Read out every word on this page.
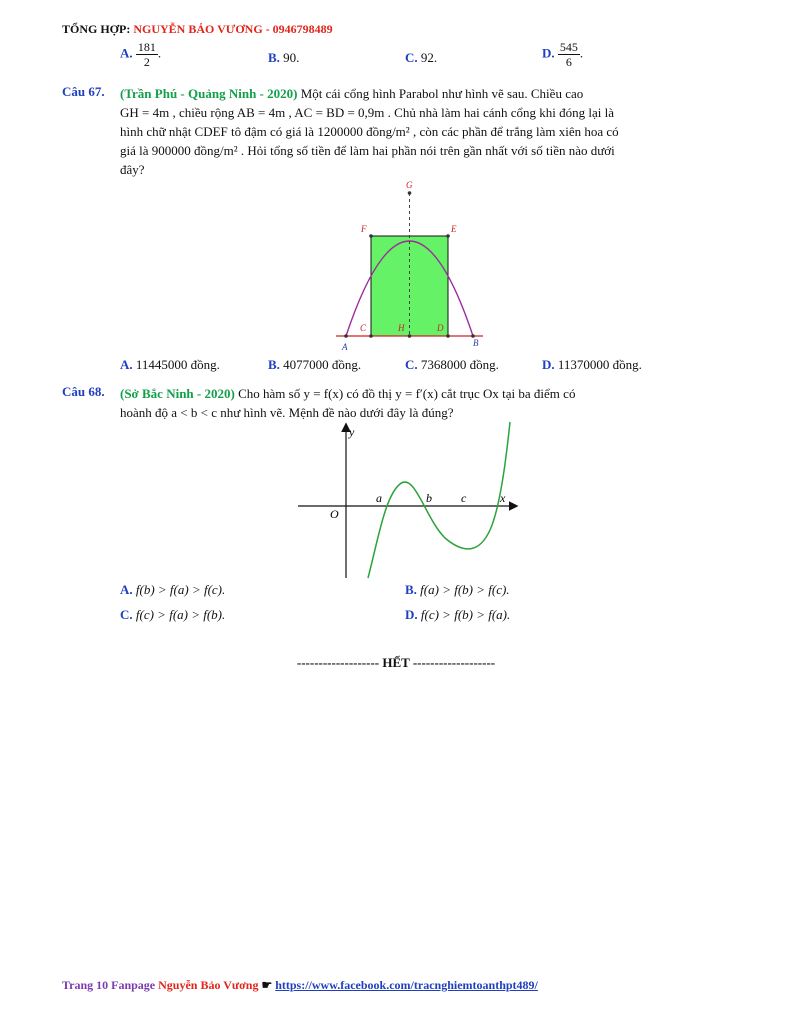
TỔNG HỢP: NGUYỄN BẢO VƯƠNG - 0946798489
A. $\frac{181}{2}$ .	B. 90.	C. 92.	D. $\frac{545}{6}$ .
Câu 67. (Trần Phú - Quảng Ninh - 2020) Một cái cổng hình Parabol như hình vẽ sau. Chiều cao
GH = 4m , chiều rộng AB = 4m , AC = BD = 0,9m . Chủ nhà làm hai cánh cổng khi đóng lại là
hình chữ nhật CDEF tô đậm có giá là 1200000 đồng/m² , còn các phần để trắng làm xiên hoa có
giá là 900000 đồng/m² . Hỏi tổng số tiền để làm hai phần nói trên gần nhất với số tiền nào dưới
đây?
G
F	E
C	H	D
A	B
A. 11445000 đồng.	B. 4077000 đồng.	C. 7368000 đồng.	D. 11370000 đồng.
Câu 68. (Sở Bắc Ninh - 2020) Cho hàm số y = f(x) có đồ thị y = f′(x) cắt trục Ox tại ba điểm có
hoành độ a < b < c như hình vẽ. Mệnh đề nào dưới đây là đúng?
y
x
O
a	b c
A. f(b) > f(a) > f(c).	B. f(a) > f(b) > f(c).
C. f(c) > f(a) > f(b).	D. f(c) > f(b) > f(a).
------------------- HẾT -------------------
Trang 10 Fanpage Nguyễn Bảo Vương ☛ https://www.facebook.com/tracnghiemtoanthpt489/
